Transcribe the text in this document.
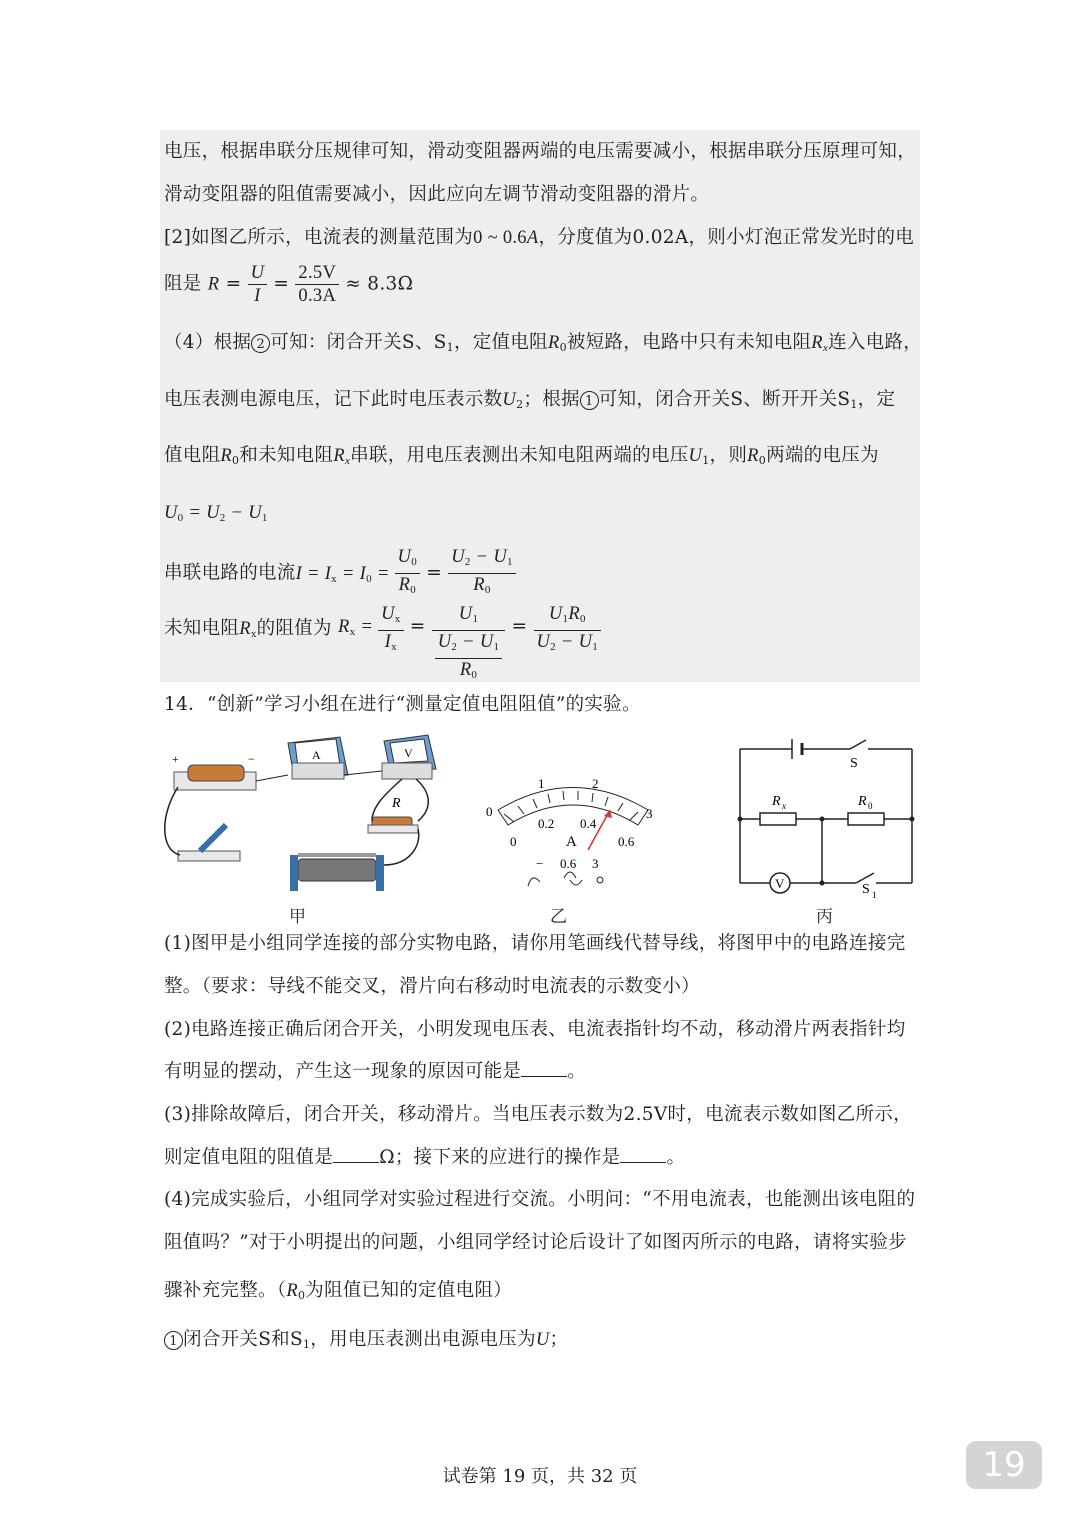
电压，根据串联分压规律可知，滑动变阻器两端的电压需要减小，根据串联分压原理可知，
滑动变阻器的阻值需要减小，因此应向左调节滑动变阻器的滑片。
[2]如图乙所示，电流表的测量范围为0 ~ 0.6A，分度值为0.02A，则小灯泡正常发光时的电
阻是 $R = \frac{U}{I} = \frac{2.5V}{0.3A} \approx 8.3\Omega$
（4）根据 2 可知：闭合开关S、$S_1$，定值电阻$R_0$被短路，电路中只有未知电阻$R_x$连入电路，
电压表测电源电压，记下此时电压表示数$U_2$；根据 1 可知，闭合开关S、断开开关$S_1$，定
值电阻$R_0$和未知电阻$R_x$串联，用电压表测出未知电阻两端的电压$U_1$，则$R_0$两端的电压为
$U_0 = U_2 - U_1$
串联电路的电流$I = I_x = I_0 = \frac{U_0}{R_0} = \frac{U_2 - U_1}{R_0}$
未知电阻$R_x$的阻值为 $R_x = \frac{U_x}{I_x} = \frac{U_1}{\frac{U_2 - U_1}{R_0}} = \frac{U_1R_0}{U_2 - U_1}$
14．“创新”学习小组在进行“测量定值电阻阻值”的实验。
+	−	A	V
R
甲
0
1	2
3
0
0.2 0.4
0.6
A
− 0.6 3
乙
V
S
R x	R 0
S 1
丙
(1)图甲是小组同学连接的部分实物电路，请你用笔画线代替导线，将图甲中的电路连接完
整。（要求：导线不能交叉，滑片向右移动时电流表的示数变小）
(2)电路连接正确后闭合开关，小明发现电压表、电流表指针均不动，移动滑片两表指针均
有明显的摆动，产生这一现象的原因可能是 。
(3)排除故障后，闭合开关，移动滑片。当电压表示数为2.5V时，电流表示数如图乙所示，
则定值电阻的阻值是 Ω；接下来的应进行的操作是 。
(4)完成实验后，小组同学对实验过程进行交流。小明问：“不用电流表，也能测出该电阻的
阻值吗？”对于小明提出的问题，小组同学经讨论后设计了如图丙所示的电路，请将实验步
骤补充完整。（$R_0$为阻值已知的定值电阻）
1 闭合开关S和$S_1$，用电压表测出电源电压为U；
试卷第 19 页，共 32 页	19
